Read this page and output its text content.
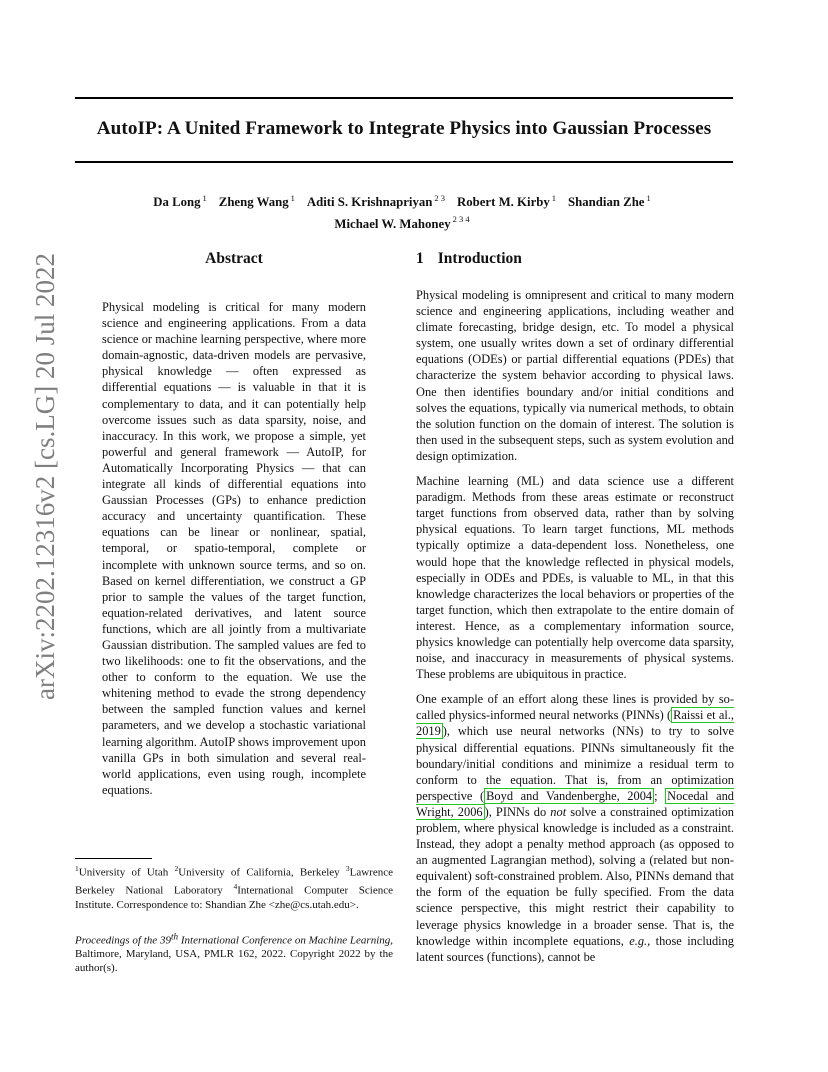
AutoIP: A United Framework to Integrate Physics into Gaussian Processes
Da Long $^1$ Zheng Wang $^1$ Aditi S. Krishnapriyan $^{2 3}$ Robert M. Kirby $^1$ Shandian Zhe $^1$
Michael W. Mahoney $^{2 3 4}$
arXiv:2202.12316v2 [cs.LG] 20 Jul 2022	Abstract
Physical modeling is critical for many modern science and engineering applications. From a data science or machine learning perspective, where more domain-agnostic, data-driven models are pervasive, physical knowledge — often expressed as differential equations — is valuable in that it is complementary to data, and it can potentially help overcome issues such as data sparsity, noise, and inaccuracy. In this work, we propose a simple, yet powerful and general framework — AutoIP, for Automatically Incorporating Physics — that can integrate all kinds of differential equations into Gaussian Processes (GPs) to enhance prediction accuracy and uncertainty quantification. These equations can be linear or nonlinear, spatial, temporal, or spatio-temporal, complete or incomplete with unknown source terms, and so on. Based on kernel differentiation, we construct a GP prior to sample the values of the target function, equation-related derivatives, and latent source functions, which are all jointly from a multivariate Gaussian distribution. The sampled values are fed to two likelihoods: one to fit the observations, and the other to conform to the equation. We use the whitening method to evade the strong dependency between the sampled function values and kernel parameters, and we develop a stochastic variational learning algorithm. AutoIP shows improvement upon vanilla GPs in both simulation and several real-world applications, even using rough, incomplete equations.
$^1$University of Utah $^2$University of California, Berkeley $^3$Lawrence Berkeley National Laboratory $^4$International Computer Science Institute. Correspondence to: Shandian Zhe <zhe@cs.utah.edu>.
Proceedings of the 39th International Conference on Machine Learning, Baltimore, Maryland, USA, PMLR 162, 2022. Copyright 2022 by the author(s).
1 Introduction

Physical modeling is omnipresent and critical to many modern science and engineering applications, including weather and climate forecasting, bridge design, etc. To model a physical system, one usually writes down a set of ordinary differential equations (ODEs) or partial differential equations (PDEs) that characterize the system behavior according to physical laws. One then identifies boundary and/or initial conditions and solves the equations, typically via numerical methods, to obtain the solution function on the domain of interest. The solution is then used in the subsequent steps, such as system evolution and design optimization.

Machine learning (ML) and data science use a different paradigm. Methods from these areas estimate or reconstruct target functions from observed data, rather than by solving physical equations. To learn target functions, ML methods typically optimize a data-dependent loss. Nonetheless, one would hope that the knowledge reflected in physical models, especially in ODEs and PDEs, is valuable to ML, in that this knowledge characterizes the local behaviors or properties of the target function, which then extrapolate to the entire domain of interest. Hence, as a complementary information source, physics knowledge can potentially help overcome data sparsity, noise, and inaccuracy in measurements of physical systems. These problems are ubiquitous in practice.

One example of an effort along these lines is provided by so-called physics-informed neural networks (PINNs) ( Raissi et al., 2019 ), which use neural networks (NNs) to try to solve physical differential equations. PINNs simultaneously fit the boundary/initial conditions and minimize a residual term to conform to the equation. That is, from an optimization perspective ( Boyd and Vandenberghe, 2004 ; Nocedal and Wright, 2006 ), PINNs do not solve a constrained optimization problem, where physical knowledge is included as a constraint. Instead, they adopt a penalty method approach (as opposed to an augmented Lagrangian method), solving a (related but non-equivalent) soft-constrained problem. Also, PINNs demand that the form of the equation be fully specified. From the data science perspective, this might restrict their capability to leverage physics knowledge in a broader sense. That is, the knowledge within incomplete equations, e.g., those including latent sources (functions), cannot be
